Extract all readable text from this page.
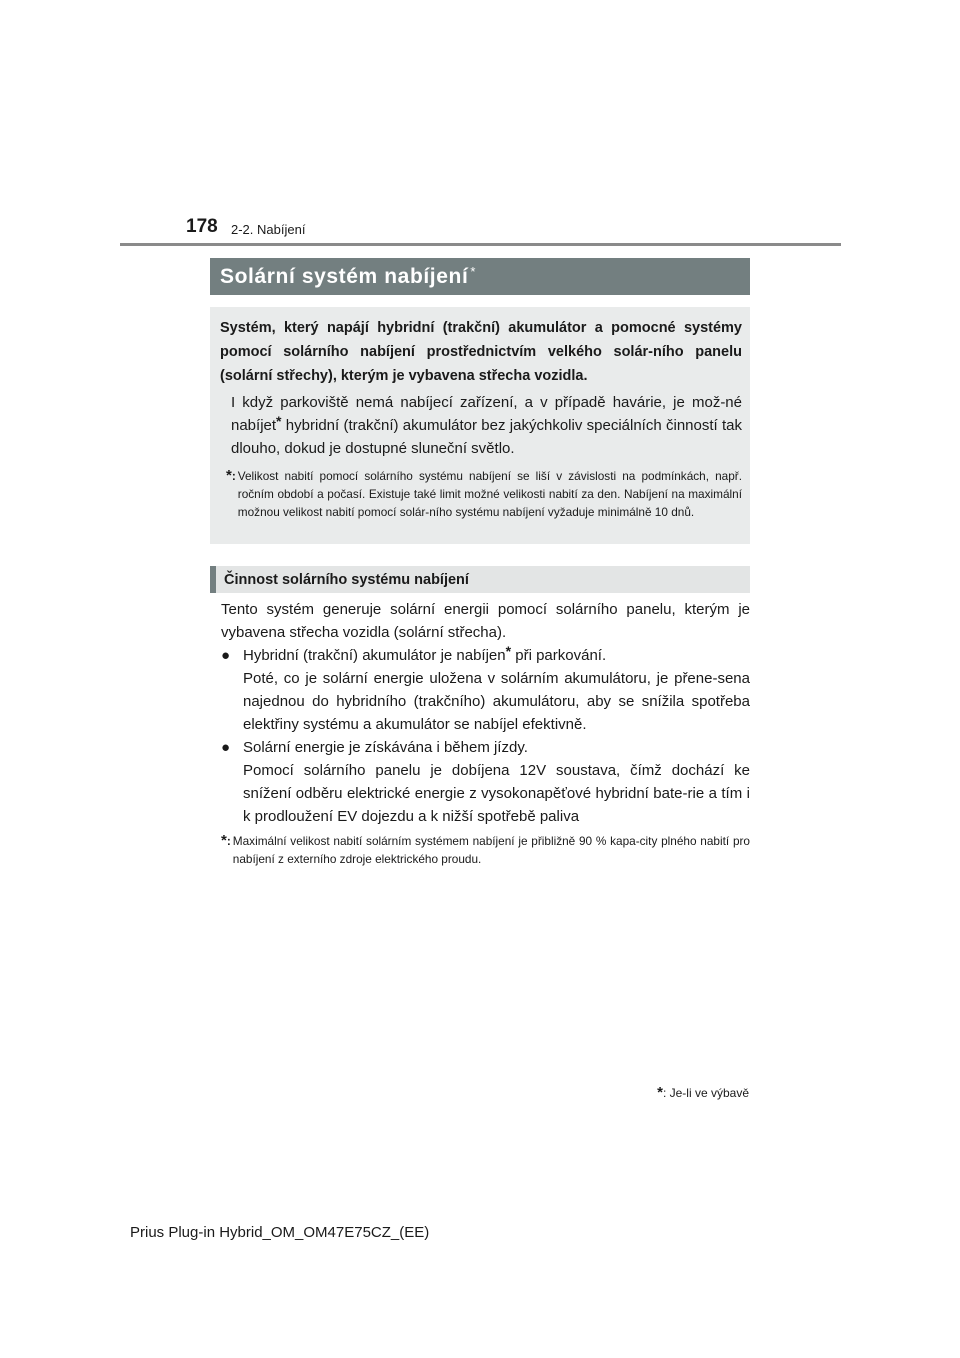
178 2-2. Nabíjení
Solární systém nabíjení *
Systém, který napájí hybridní (trakční) akumulátor a pomocné systémy pomocí solárního nabíjení prostřednictvím velkého solár-ního panelu (solární střechy), kterým je vybavena střecha vozidla.
I když parkoviště nemá nabíjecí zařízení, a v případě havárie, je mož-né nabíjet* hybridní (trakční) akumulátor bez jakýchkoliv speciálních činností tak dlouho, dokud je dostupné sluneční světlo.
*: Velikost nabití pomocí solárního systému nabíjení se liší v závislosti na podmínkách, např. ročním období a počasí. Existuje také limit možné velikosti nabití za den. Nabíjení na maximální možnou velikost nabití pomocí solár-ního systému nabíjení vyžaduje minimálně 10 dnů.
Činnost solárního systému nabíjení

Tento systém generuje solární energii pomocí solárního panelu, kterým je vybavena střecha vozidla (solární střecha).

● Hybridní (trakční) akumulátor je nabíjen* při parkování.
Poté, co je solární energie uložena v solárním akumulátoru, je přene-sena najednou do hybridního (trakčního) akumulátoru, aby se snížila spotřeba elektřiny systému a akumulátor se nabíjel efektivně.
● Solární energie je získávána i během jízdy.
Pomocí solárního panelu je dobíjena 12V soustava, čímž dochází ke snížení odběru elektrické energie z vysokonapěťové hybridní bate-rie a tím i k prodloužení EV dojezdu a k nižší spotřebě paliva
*: Maximální velikost nabití solárním systémem nabíjení je přibližně 90 % kapa-city plného nabití pro nabíjení z externího zdroje elektrického proudu.
*: Je-li ve výbavě
Prius Plug-in Hybrid_OM_OM47E75CZ_(EE)
